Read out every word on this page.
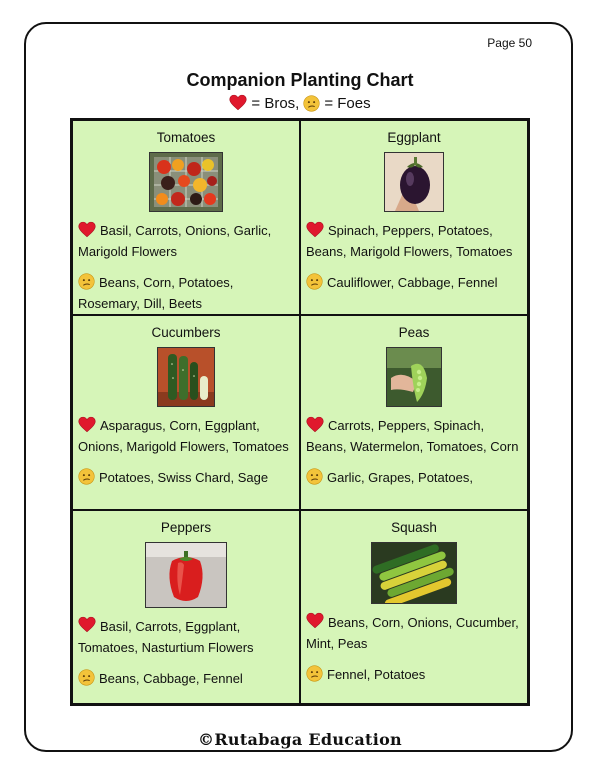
Page 50
Companion Planting Chart
= Bros, = Foes
Tomatoes
Basil, Carrots, Onions, Garlic, Marigold Flowers
Beans, Corn, Potatoes, Rosemary, Dill, Beets
Eggplant
Spinach, Peppers, Potatoes, Beans, Marigold Flowers, Tomatoes
Cauliflower, Cabbage, Fennel
Cucumbers
Asparagus, Corn, Eggplant, Onions, Marigold Flowers, Tomatoes
Potatoes, Swiss Chard, Sage
Peas
Carrots, Peppers, Spinach, Beans, Watermelon, Tomatoes, Corn
Garlic, Grapes, Potatoes,
Peppers
Basil, Carrots, Eggplant, Tomatoes, Nasturtium Flowers
Beans, Cabbage, Fennel
Squash
Beans, Corn, Onions, Cucumber, Mint, Peas
Fennel, Potatoes
©Rutabaga Education
